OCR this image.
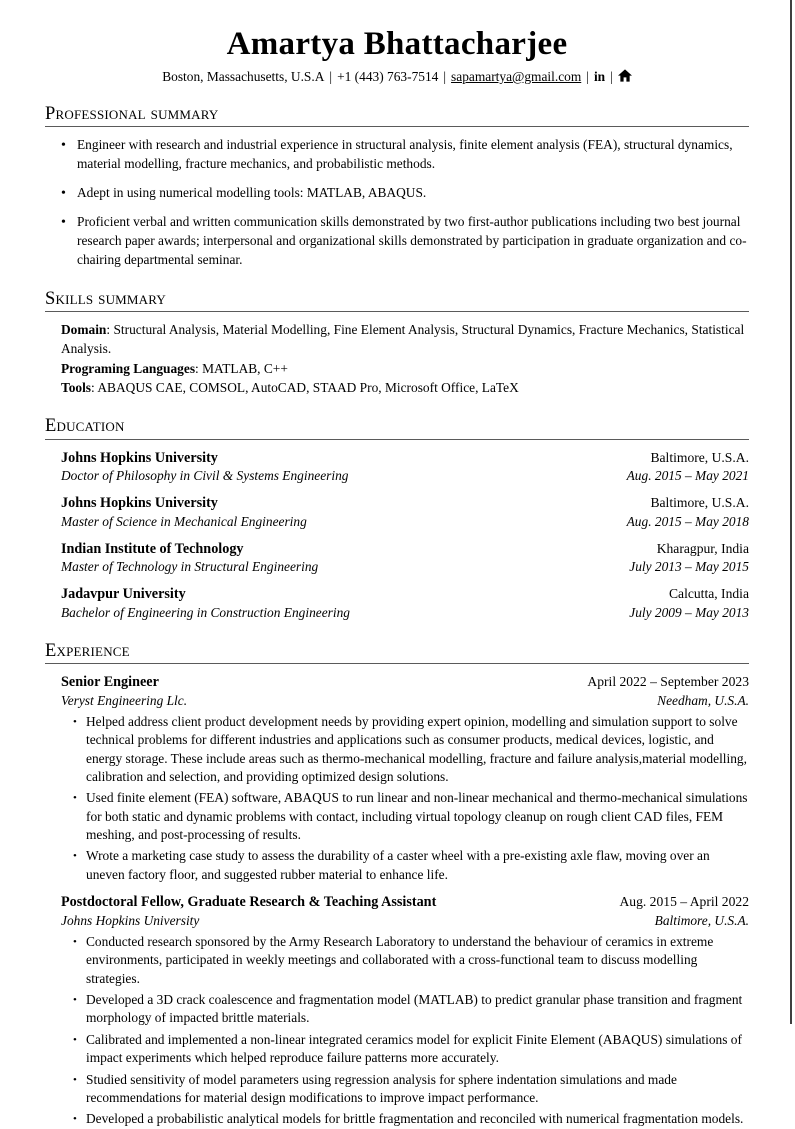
Amartya Bhattacharjee
Boston, Massachusetts, U.S.A | +1 (443) 763-7514 | sapamartya@gmail.com | in |
Professional summary
•
Engineer with research and industrial experience in structural analysis, finite element analysis (FEA), structural dynamics, material modelling, fracture mechanics, and probabilistic methods.
•
Adept in using numerical modelling tools: MATLAB, ABAQUS.
•
Proficient verbal and written communication skills demonstrated by two first-author publications including two best journal research paper awards; interpersonal and organizational skills demonstrated by participation in graduate organization and co-chairing departmental seminar.
Skills summary
Domain: Structural Analysis, Material Modelling, Fine Element Analysis, Structural Dynamics, Fracture Mechanics, Statistical Analysis.
Programing Languages: MATLAB, C++
Tools: ABAQUS CAE, COMSOL, AutoCAD, STAAD Pro, Microsoft Office, LaTeX
Education
Johns Hopkins University	Baltimore, U.S.A.
Doctor of Philosophy in Civil & Systems Engineering	Aug. 2015 – May 2021
Johns Hopkins University	Baltimore, U.S.A.
Master of Science in Mechanical Engineering	Aug. 2015 – May 2018
Indian Institute of Technology	Kharagpur, India
Master of Technology in Structural Engineering	July 2013 – May 2015
Jadavpur University	Calcutta, India
Bachelor of Engineering in Construction Engineering	July 2009 – May 2013
Experience
Senior Engineer	April 2022 – September 2023
Veryst Engineering Llc.	Needham, U.S.A.
•
Helped address client product development needs by providing expert opinion, modelling and simulation support to solve technical problems for different industries and applications such as consumer products, medical devices, logistic, and energy storage. These include areas such as thermo-mechanical modelling, fracture and failure analysis,material modelling, calibration and selection, and providing optimized design solutions.
•
Used finite element (FEA) software, ABAQUS to run linear and non-linear mechanical and thermo-mechanical simulations for both static and dynamic problems with contact, including virtual topology cleanup on rough client CAD files, FEM meshing, and post-processing of results.
•
Wrote a marketing case study to assess the durability of a caster wheel with a pre-existing axle flaw, moving over an uneven factory floor, and suggested rubber material to enhance life.
Postdoctoral Fellow, Graduate Research & Teaching Assistant	Aug. 2015 – April 2022
Johns Hopkins University	Baltimore, U.S.A.
•
Conducted research sponsored by the Army Research Laboratory to understand the behaviour of ceramics in extreme environments, participated in weekly meetings and collaborated with a cross-functional team to discuss modelling strategies.
•
Developed a 3D crack coalescence and fragmentation model (MATLAB) to predict granular phase transition and fragment morphology of impacted brittle materials.
•
Calibrated and implemented a non-linear integrated ceramics model for explicit Finite Element (ABAQUS) simulations of impact experiments which helped reproduce failure patterns more accurately.
•
Studied sensitivity of model parameters using regression analysis for sphere indentation simulations and made recommendations for material design modifications to improve impact performance.
•
Developed a probabilistic analytical models for brittle fragmentation and reconciled with numerical fragmentation models.
